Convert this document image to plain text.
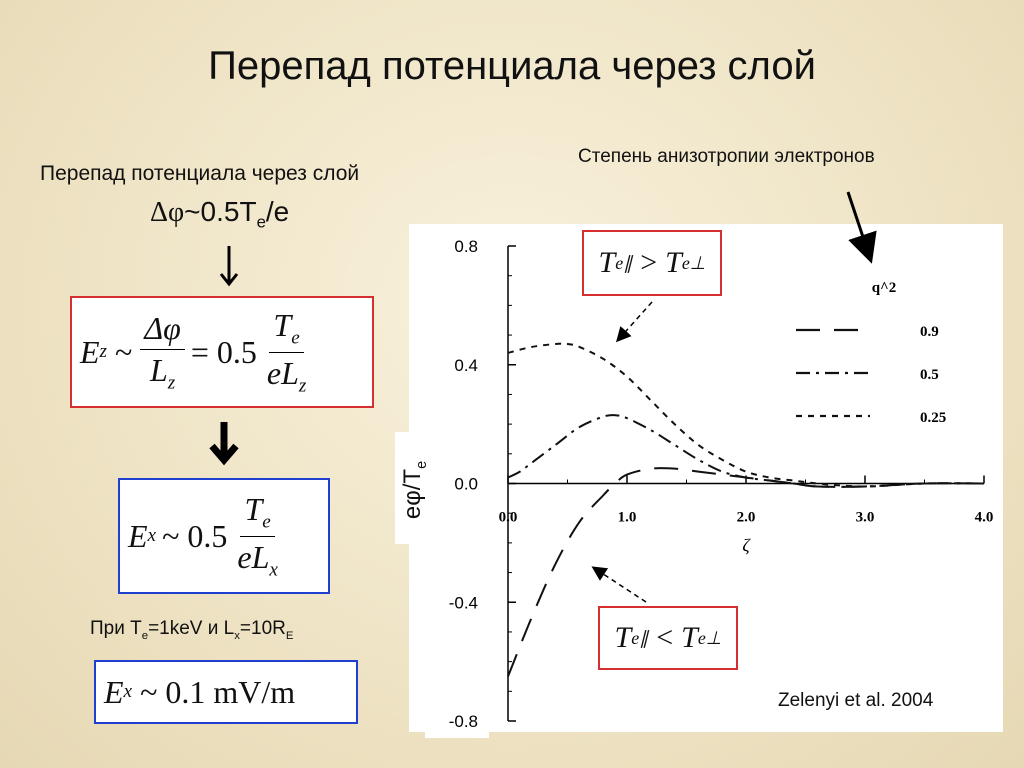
Перепад потенциала через слой
Перепад потенциала через слой
$\Delta\varphi\sim 0.5T_e/e$
E z ~ $\frac{\Delta\varphi}{L_z} = 0.5 \frac{T_e}{eL_z}$
E x ~ $0.5 \frac{T_e}{eL_x}$
При $T_e=1keV$ и $L_x=10R_E$
E x ~ 0.1 mV/m
Степень анизотропии электронов
0.8
0.4
0.0
-0.4
-0.8
0.0	1.0	2.0	3.0	4.0
ζ
q^2
0.9
0.5
0.25
$e\varphi/T_e$
T e∥ > T e⊥
T e∥ < T e⊥
Zelenyi et al. 2004
